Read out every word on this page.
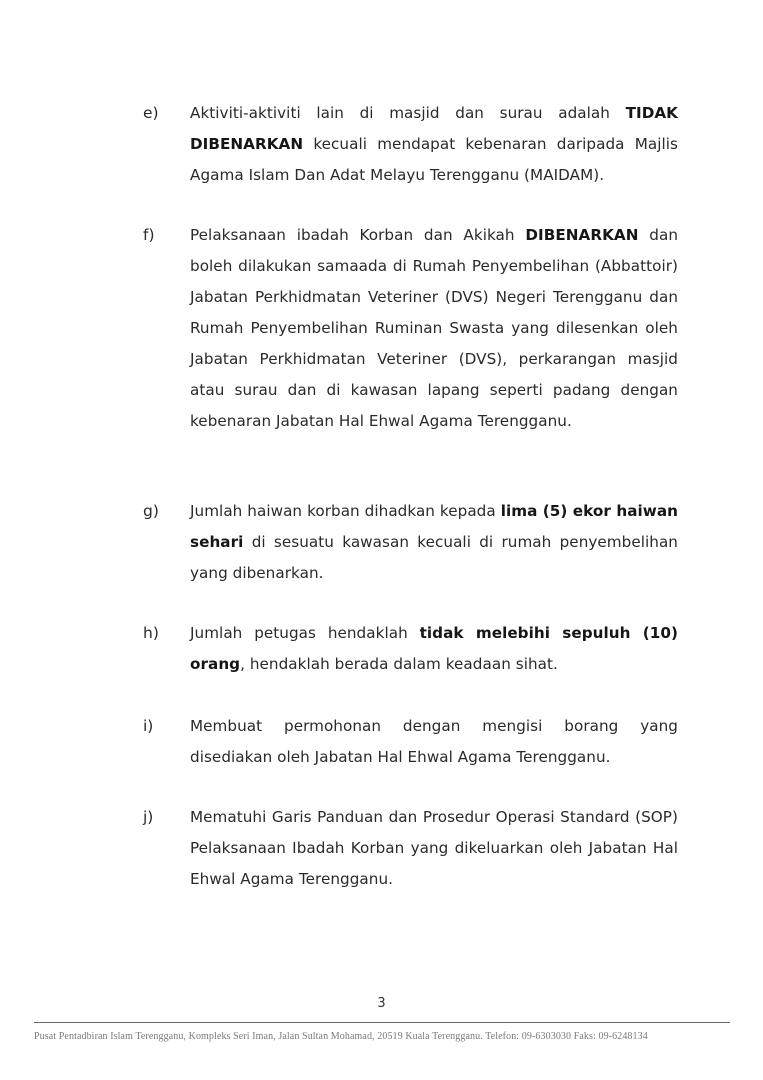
e) Aktiviti-aktiviti lain di masjid dan surau adalah TIDAK DIBENARKAN kecuali mendapat kebenaran daripada Majlis Agama Islam Dan Adat Melayu Terengganu (MAIDAM).
f) Pelaksanaan ibadah Korban dan Akikah DIBENARKAN dan boleh dilakukan samaada di Rumah Penyembelihan (Abbattoir) Jabatan Perkhidmatan Veteriner (DVS) Negeri Terengganu dan Rumah Penyembelihan Ruminan Swasta yang dilesenkan oleh Jabatan Perkhidmatan Veteriner (DVS), perkarangan masjid atau surau dan di kawasan lapang seperti padang dengan kebenaran Jabatan Hal Ehwal Agama Terengganu.
g) Jumlah haiwan korban dihadkan kepada lima (5) ekor haiwan sehari di sesuatu kawasan kecuali di rumah penyembelihan yang dibenarkan.
h) Jumlah petugas hendaklah tidak melebihi sepuluh (10) orang, hendaklah berada dalam keadaan sihat.
i) Membuat permohonan dengan mengisi borang yang disediakan oleh Jabatan Hal Ehwal Agama Terengganu.
j) Mematuhi Garis Panduan dan Prosedur Operasi Standard (SOP) Pelaksanaan Ibadah Korban yang dikeluarkan oleh Jabatan Hal Ehwal Agama Terengganu.
3
Pusat Pentadbiran Islam Terengganu, Kompleks Seri Iman, Jalan Sultan Mohamad, 20519 Kuala Terengganu. Telefon: 09-6303030 Faks: 09-6248134
